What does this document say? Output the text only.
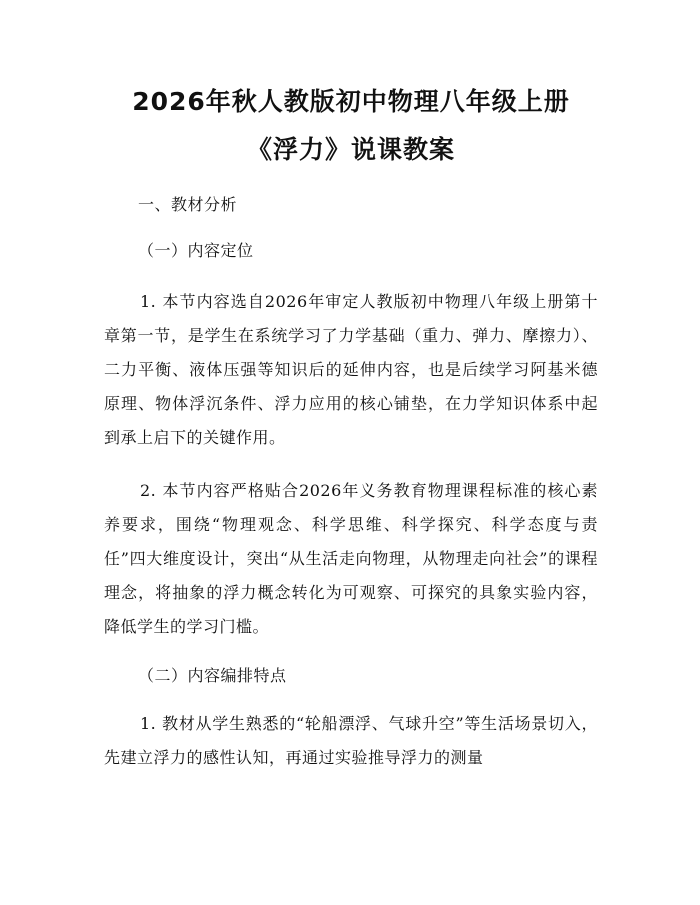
2026年秋人教版初中物理八年级上册《浮力》说课教案

一、教材分析

（一）内容定位

1. 本节内容选自2026年审定人教版初中物理八年级上册第十章第一节，是学生在系统学习了力学基础（重力、弹力、摩擦力）、二力平衡、液体压强等知识后的延伸内容，也是后续学习阿基米德原理、物体浮沉条件、浮力应用的核心铺垫，在力学知识体系中起到承上启下的关键作用。

2. 本节内容严格贴合2026年义务教育物理课程标准的核心素养要求，围绕“物理观念、科学思维、科学探究、科学态度与责任”四大维度设计，突出“从生活走向物理，从物理走向社会”的课程理念，将抽象的浮力概念转化为可观察、可探究的具象实验内容，降低学生的学习门槛。

（二）内容编排特点

1. 教材从学生熟悉的“轮船漂浮、气球升空”等生活场景切入，先建立浮力的感性认知，再通过实验推导浮力的测量
